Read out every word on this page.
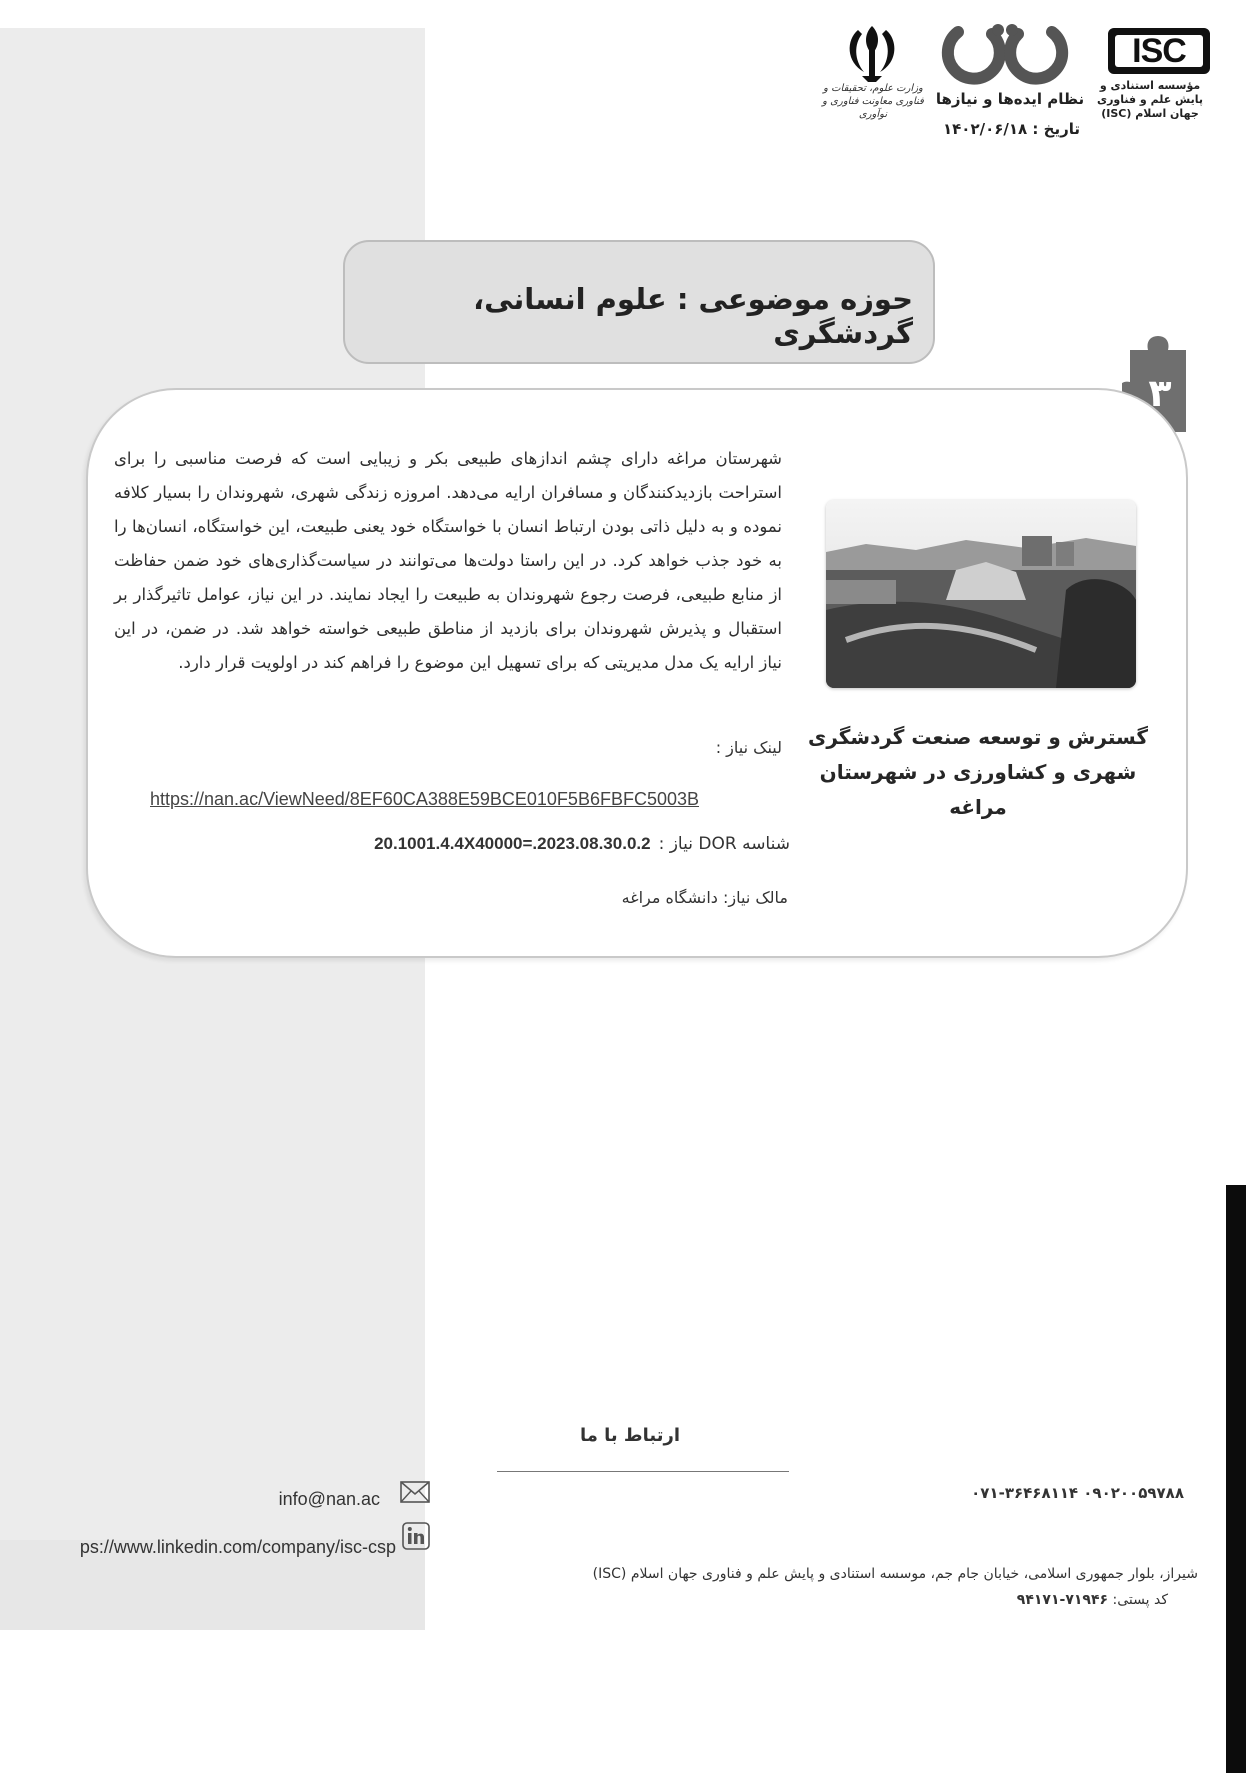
ISC
مؤسسه استنادی و پایش علم و فناوری جهان اسلام (ISC)
نظام ایده‌ها و نیازها
تاریخ : ۱۴۰۲/۰۶/۱۸
وزارت علوم، تحقیقات و فناوری معاونت فناوری و نوآوری
حوزه موضوعی : علوم انسانی، گردشگری
۳
شهرستان مراغه دارای چشم اندازهای طبیعی بکر و زیبایی است که فرصت مناسبی را برای استراحت بازدیدکنندگان و مسافران ارایه می‌دهد. امروزه زندگی شهری، شهروندان را بسیار کلافه نموده و به دلیل ذاتی بودن ارتباط انسان با خواستگاه خود یعنی طبیعت، این خواستگاه، انسان‌ها را به خود جذب خواهد کرد. در این راستا دولت‌ها می‌توانند در سیاست‌گذاری‌های خود ضمن حفاظت از منابع طبیعی، فرصت رجوع شهروندان به طبیعت را ایجاد نمایند. در این نیاز، عوامل تاثیرگذار بر استقبال و پذیرش شهروندان برای بازدید از مناطق طبیعی خواسته خواهد شد. در ضمن، در این نیاز ارایه یک مدل مدیریتی که برای تسهیل این موضوع را فراهم کند در اولویت قرار دارد.
لینک نیاز :
https://nan.ac/ViewNeed/8EF60CA388E59BCE010F5B6FBFC5003B
شناسه DOR نیاز :
20.1001.4.4X40000=.2023.08.30.0.2
مالک نیاز: دانشگاه مراغه
گسترش و توسعه صنعت گردشگری شهری و کشاورزی در شهرستان مراغه
ارتباط با ما
info@nan.ac
ps://www.linkedin.com/company/isc-csp
۰۷۱-۳۶۴۶۸۱۱۴ ۰۹۰۲۰۰۵۹۷۸۸
شیراز، بلوار جمهوری اسلامی، خیابان جام جم، موسسه استنادی و پایش علم و فناوری جهان اسلام (ISC)
کد پستی: ۷۱۹۴۶-۹۴۱۷۱
